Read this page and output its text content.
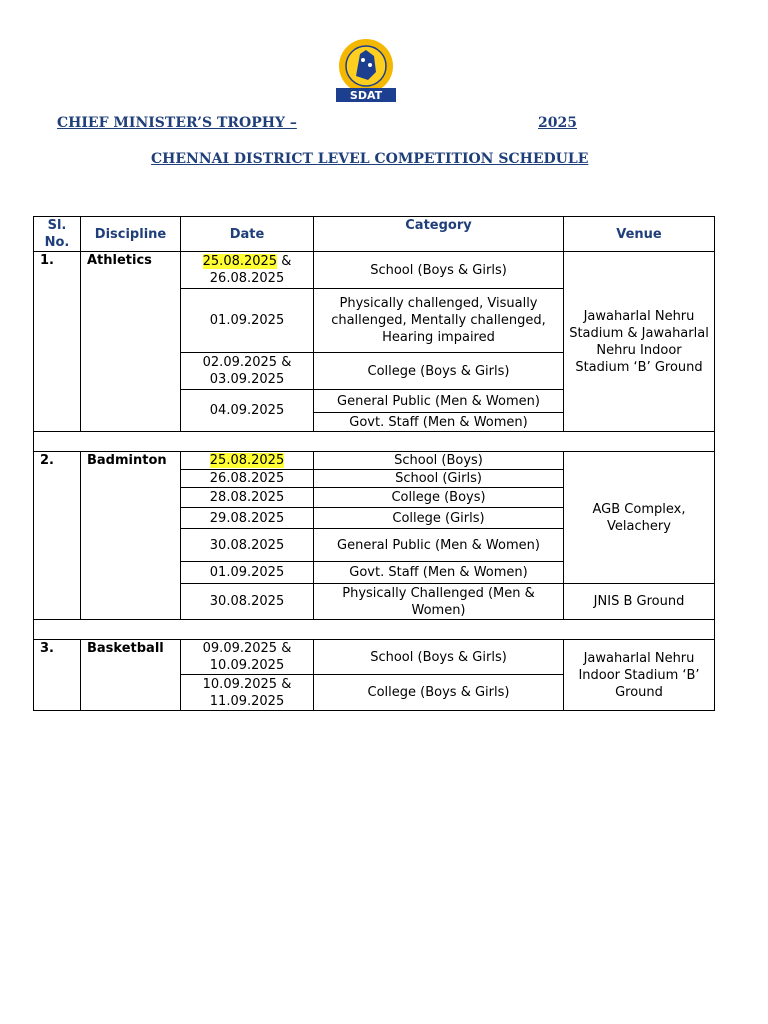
SDAT
CHIEF MINISTER’S TROPHY –	2025
CHENNAI DISTRICT LEVEL COMPETITION SCHEDULE
Sl. No.	Discipline	Date	Category	Venue
1.	Athletics	25.08.2025 & 26.08.2025	School (Boys & Girls)	Jawaharlal Nehru Stadium & Jawaharlal Nehru Indoor Stadium ‘B’ Ground
		01.09.2025	Physically challenged, Visually challenged, Mentally challenged, Hearing impaired	
		02.09.2025 & 03.09.2025	College (Boys & Girls)	
		04.09.2025	General Public (Men & Women)	
			Govt. Staff (Men & Women)	

2.	Badminton	25.08.2025	School (Boys)	AGB Complex, Velachery
		26.08.2025	School (Girls)	
		28.08.2025	College (Boys)	
		29.08.2025	College (Girls)	
		30.08.2025	General Public (Men & Women)	
		01.09.2025	Govt. Staff (Men & Women)	
		30.08.2025	Physically Challenged (Men & Women)	JNIS B Ground

3.	Basketball	09.09.2025 & 10.09.2025	School (Boys & Girls)	Jawaharlal Nehru Indoor Stadium ‘B’ Ground
		10.09.2025 & 11.09.2025	College (Boys & Girls)	
